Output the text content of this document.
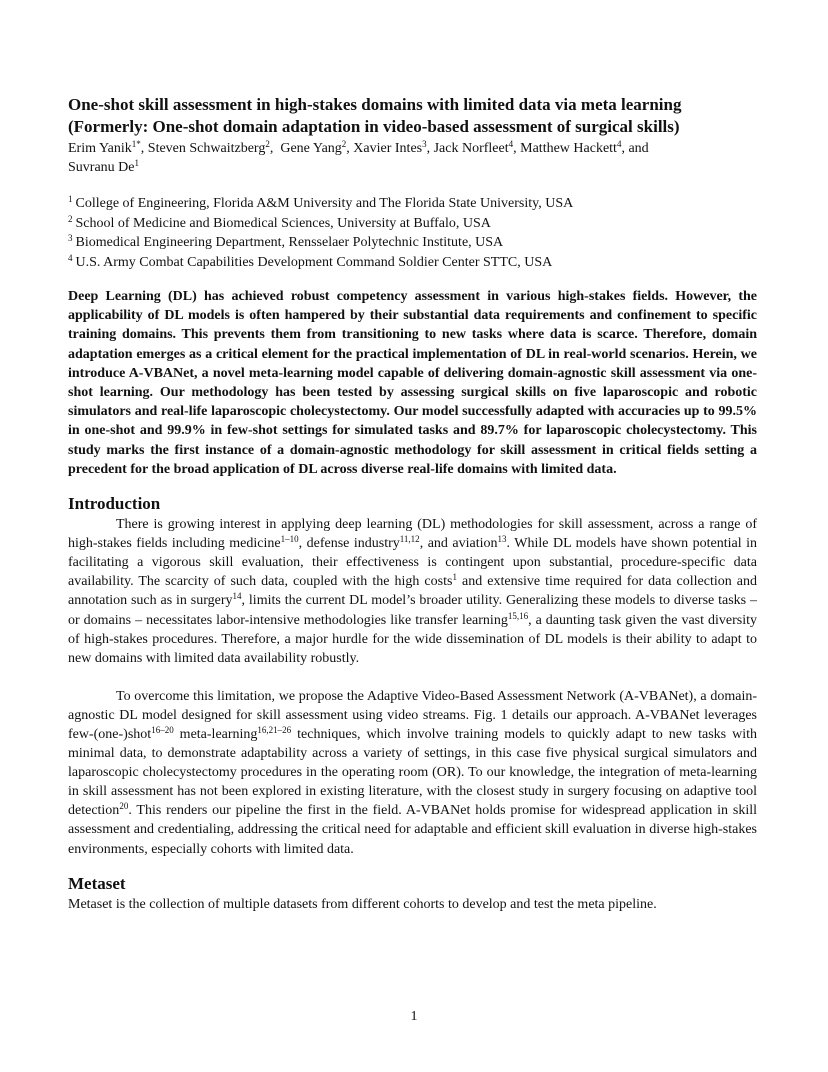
One-shot skill assessment in high-stakes domains with limited data via meta learning
(Formerly: One-shot domain adaptation in video-based assessment of surgical skills)
Erim Yanik$^{1*}$, Steven Schwaitzberg$^2$,  Gene Yang$^2$, Xavier Intes$^3$, Jack Norfleet$^4$, Matthew Hackett$^4$, and
Suvranu De$^1$
$^1$ College of Engineering, Florida A&M University and The Florida State University, USA
$^2$ School of Medicine and Biomedical Sciences, University at Buffalo, USA
$^3$ Biomedical Engineering Department, Rensselaer Polytechnic Institute, USA
$^4$ U.S. Army Combat Capabilities Development Command Soldier Center STTC, USA

Deep Learning (DL) has achieved robust competency assessment in various high-stakes fields. However, the applicability of DL models is often hampered by their substantial data requirements and confinement to specific training domains. This prevents them from transitioning to new tasks where data is scarce. Therefore, domain adaptation emerges as a critical element for the practical implementation of DL in real-world scenarios. Herein, we introduce A-VBANet, a novel meta-learning model capable of delivering domain-agnostic skill assessment via one-shot learning. Our methodology has been tested by assessing surgical skills on five laparoscopic and robotic simulators and real-life laparoscopic cholecystectomy. Our model successfully adapted with accuracies up to 99.5% in one-shot and 99.9% in few-shot settings for simulated tasks and 89.7% for laparoscopic cholecystectomy. This study marks the first instance of a domain-agnostic methodology for skill assessment in critical fields setting a precedent for the broad application of DL across diverse real-life domains with limited data.

Introduction

There is growing interest in applying deep learning (DL) methodologies for skill assessment, across a range of high-stakes fields including medicine$^{1-10}$, defense industry$^{11,12}$, and aviation$^{13}$. While DL models have shown potential in facilitating a vigorous skill evaluation, their effectiveness is contingent upon substantial, procedure-specific data availability. The scarcity of such data, coupled with the high costs$^1$ and extensive time required for data collection and annotation such as in surgery$^{14}$, limits the current DL model’s broader utility. Generalizing these models to diverse tasks – or domains – necessitates labor-intensive methodologies like transfer learning$^{15,16}$, a daunting task given the vast diversity of high-stakes procedures. Therefore, a major hurdle for the wide dissemination of DL models is their ability to adapt to new domains with limited data availability robustly.

To overcome this limitation, we propose the Adaptive Video-Based Assessment Network (A-VBANet), a domain-agnostic DL model designed for skill assessment using video streams. Fig. 1 details our approach. A-VBANet leverages few-(one-)shot$^{16-20}$ meta-learning$^{16,21-26}$ techniques, which involve training models to quickly adapt to new tasks with minimal data, to demonstrate adaptability across a variety of settings, in this case five physical surgical simulators and laparoscopic cholecystectomy procedures in the operating room (OR). To our knowledge, the integration of meta-learning in skill assessment has not been explored in existing literature, with the closest study in surgery focusing on adaptive tool detection$^{20}$. This renders our pipeline the first in the field. A-VBANet holds promise for widespread application in skill assessment and credentialing, addressing the critical need for adaptable and efficient skill evaluation in diverse high-stakes environments, especially cohorts with limited data.

Metaset

Metaset is the collection of multiple datasets from different cohorts to develop and test the meta pipeline.

1
